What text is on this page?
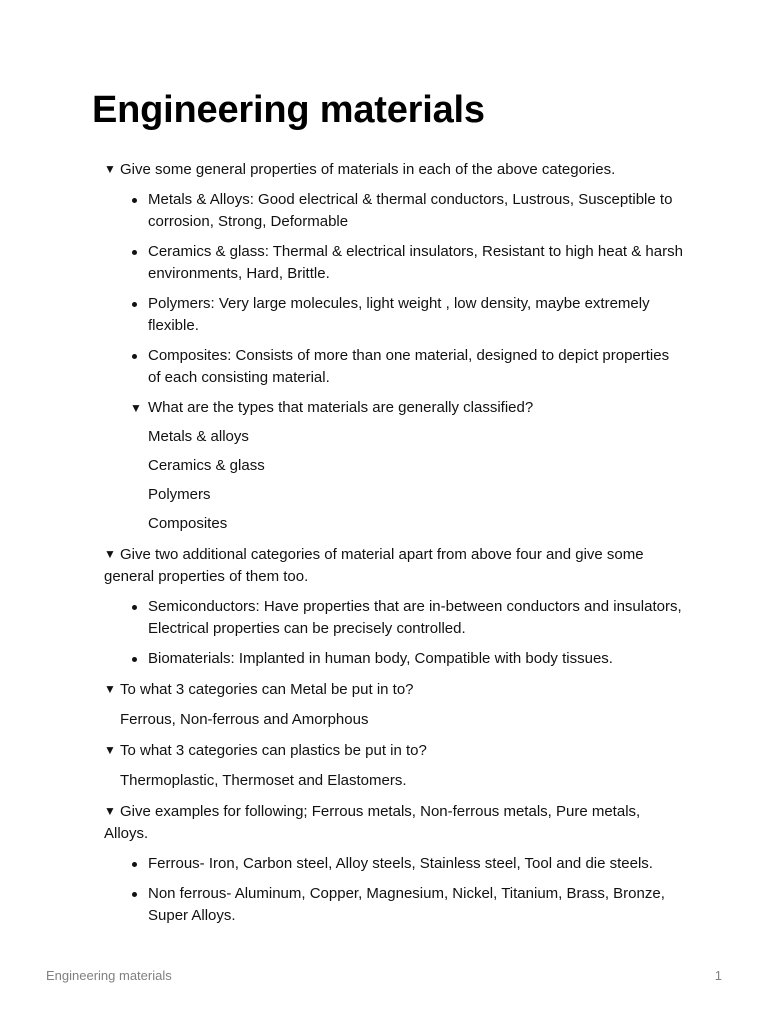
Engineering materials
▼ Give some general properties of materials in each of the above categories.
Metals & Alloys: Good electrical & thermal conductors, Lustrous, Susceptible to corrosion, Strong, Deformable
Ceramics & glass: Thermal & electrical insulators, Resistant to high heat & harsh environments, Hard, Brittle.
Polymers: Very large molecules, light weight , low density, maybe extremely flexible.
Composites: Consists of more than one material, designed to depict properties of each consisting material.
▼ What are the types that materials are generally classified?
Metals & alloys
Ceramics & glass
Polymers
Composites
▼ Give two additional categories of material apart from above four and give some general properties of them too.
Semiconductors: Have properties that are in-between conductors and insulators, Electrical properties can be precisely controlled.
Biomaterials: Implanted in human body, Compatible with body tissues.
▼ To what 3 categories can Metal be put in to?
Ferrous, Non-ferrous and Amorphous
▼ To what 3 categories can plastics be put in to?
Thermoplastic, Thermoset and Elastomers.
▼ Give examples for following; Ferrous metals, Non-ferrous metals, Pure metals, Alloys.
Ferrous- Iron, Carbon steel, Alloy steels, Stainless steel, Tool and die steels.
Non ferrous- Aluminum, Copper, Magnesium, Nickel, Titanium, Brass, Bronze, Super Alloys.
Engineering materials	1
